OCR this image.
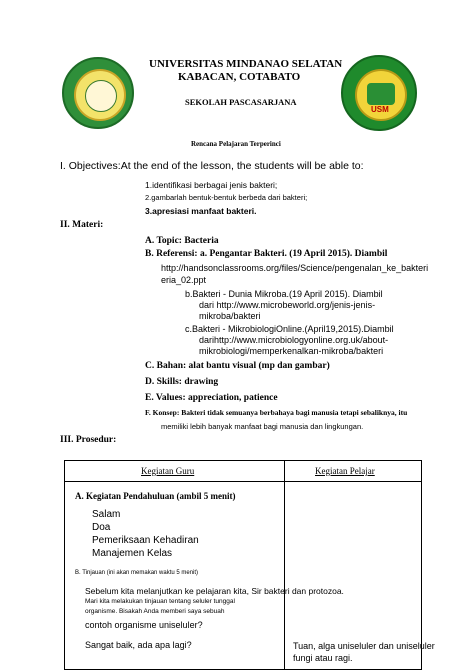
USM
UNIVERSITAS MINDANAO SELATAN
KABACAN, COTABATO
SEKOLAH PASCASARJANA
Rencana Pelajaran Terperinci
I. Objectives:At the end of the lesson, the students will be able to:
1.identifikasi berbagai jenis bakteri;
2.gambarlah bentuk-bentuk berbeda dari bakteri;
3.apresiasi manfaat bakteri.
II. Materi:
A. Topic: Bacteria
B. Referensi: a. Pengantar Bakteri. (19 April 2015). Diambil
http://handsonclassrooms.org/files/Science/pengenalan_ke_bakteri
eria_02.ppt
b.Bakteri - Dunia Mikroba.(19 April 2015). Diambil
dari http://www.microbeworld.org/jenis-jenis-
mikroba/bakteri
c.Bakteri - MikrobiologiOnline.(April19,2015).Diambil
darihttp://www.microbiologyonline.org.uk/about-
mikrobiologi/memperkenalkan-mikroba/bakteri
C. Bahan: alat bantu visual (mp dan gambar)
D. Skills: drawing
E. Values: appreciation, patience
F. Konsep: Bakteri tidak semuanya berbahaya bagi manusia tetapi sebaliknya, itu
memiliki lebih banyak manfaat bagi manusia dan lingkungan.
III. Prosedur:
Kegiatan Guru	Kegiatan Pelajar
A. Kegiatan Pendahuluan (ambil 5 menit)
Salam
Doa
Pemeriksaan Kehadiran
Manajemen Kelas
B. Tinjauan (ini akan memakan waktu 5 menit)
Sebelum kita melanjutkan ke pelajaran kita, Sir bakteri dan protozoa.
Mari kita melakukan tinjauan tentang seluler tunggal
organisme. Bisakah Anda memberi saya sebuah
contoh organisme uniseluler?
Sangat baik, ada apa lagi?	Tuan, alga uniseluler dan uniseluler
fungi atau ragi.
